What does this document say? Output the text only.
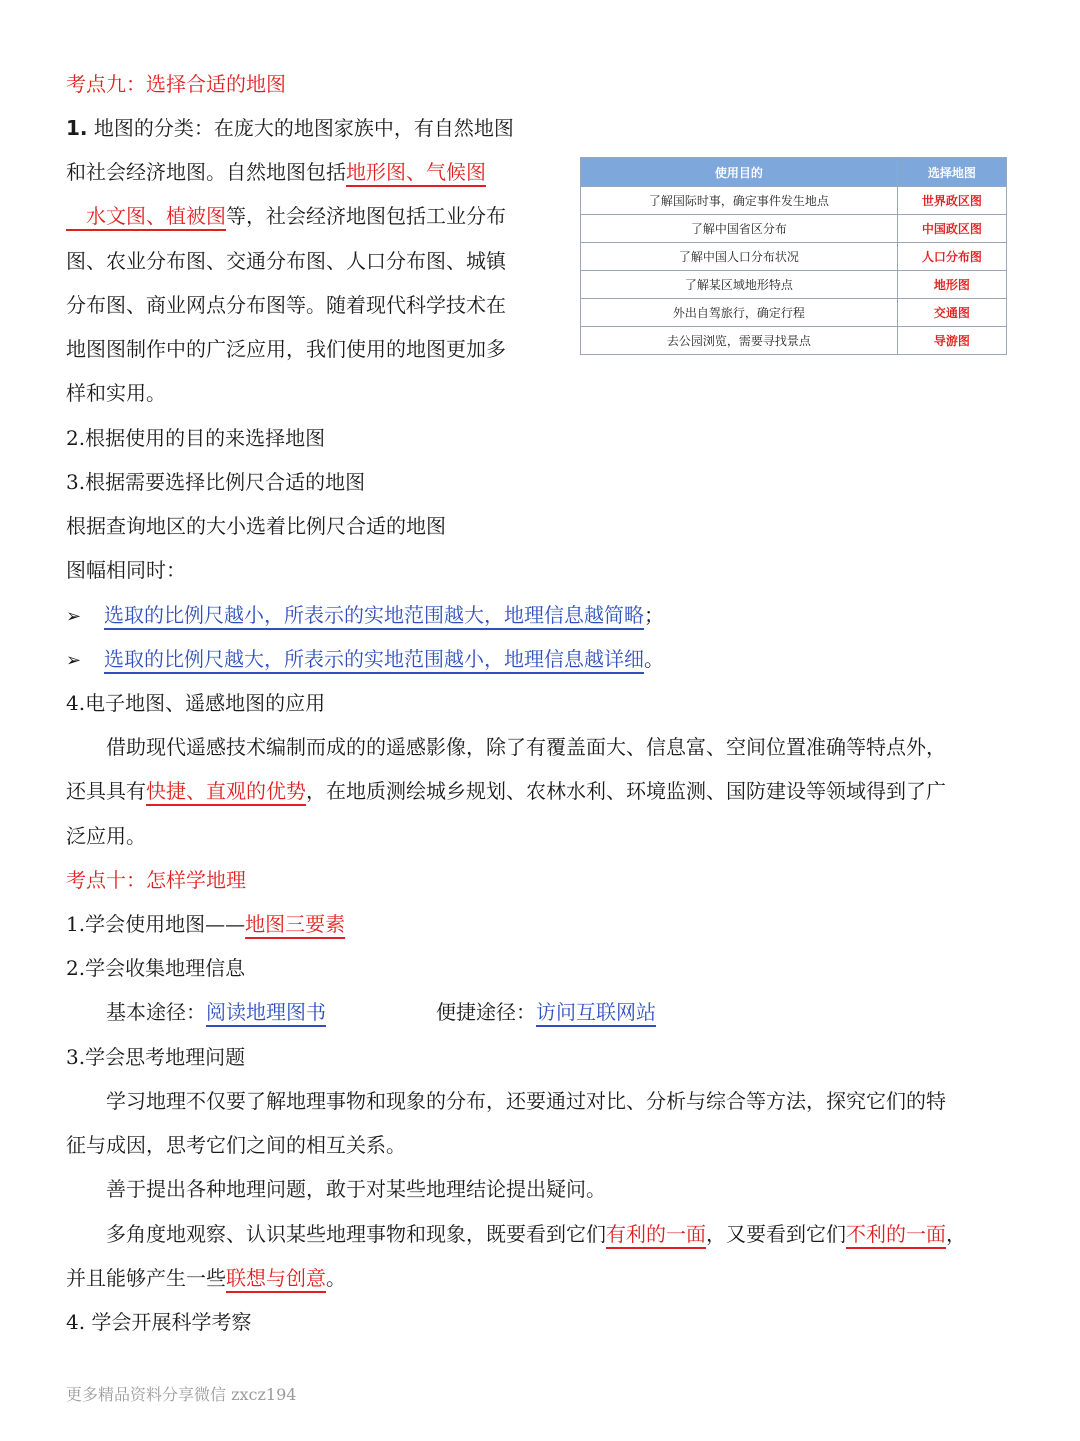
考点九：选择合适的地图
1. 地图的分类：在庞大的地图家族中，有自然地图
和社会经济地图。自然地图包括地形图、气候图
　水文图、植被图等，社会经济地图包括工业分布
图、农业分布图、交通分布图、人口分布图、城镇
分布图、商业网点分布图等。随着现代科学技术在
地图图制作中的广泛应用，我们使用的地图更加多
样和实用。
使用目的	选择地图
了解国际时事，确定事件发生地点	世界政区图
了解中国省区分布	中国政区图
了解中国人口分布状况	人口分布图
了解某区域地形特点	地形图
外出自驾旅行，确定行程	交通图
去公园浏览，需要寻找景点	导游图
2.根据使用的目的来选择地图
3.根据需要选择比例尺合适的地图
根据查询地区的大小选着比例尺合适的地图
图幅相同时：
➢ 选取的比例尺越小，所表示的实地范围越大，地理信息越简略；
➢ 选取的比例尺越大，所表示的实地范围越小，地理信息越详细。
4.电子地图、遥感地图的应用
　　借助现代遥感技术编制而成的的遥感影像，除了有覆盖面大、信息富、空间位置准确等特点外，
还具具有快捷、直观的优势，在地质测绘城乡规划、农林水利、环境监测、国防建设等领域得到了广
泛应用。
考点十：怎样学地理
1.学会使用地图——地图三要素
2.学会收集地理信息
　　基本途径：阅读地理图书	便捷途径：访问互联网站
3.学会思考地理问题
　　学习地理不仅要了解地理事物和现象的分布，还要通过对比、分析与综合等方法，探究它们的特
征与成因，思考它们之间的相互关系。
　　善于提出各种地理问题，敢于对某些地理结论提出疑问。
　　多角度地观察、认识某些地理事物和现象，既要看到它们有利的一面，又要看到它们不利的一面，
并且能够产生一些联想与创意。
4. 学会开展科学考察
更多精品资料分享微信 zxcz194
